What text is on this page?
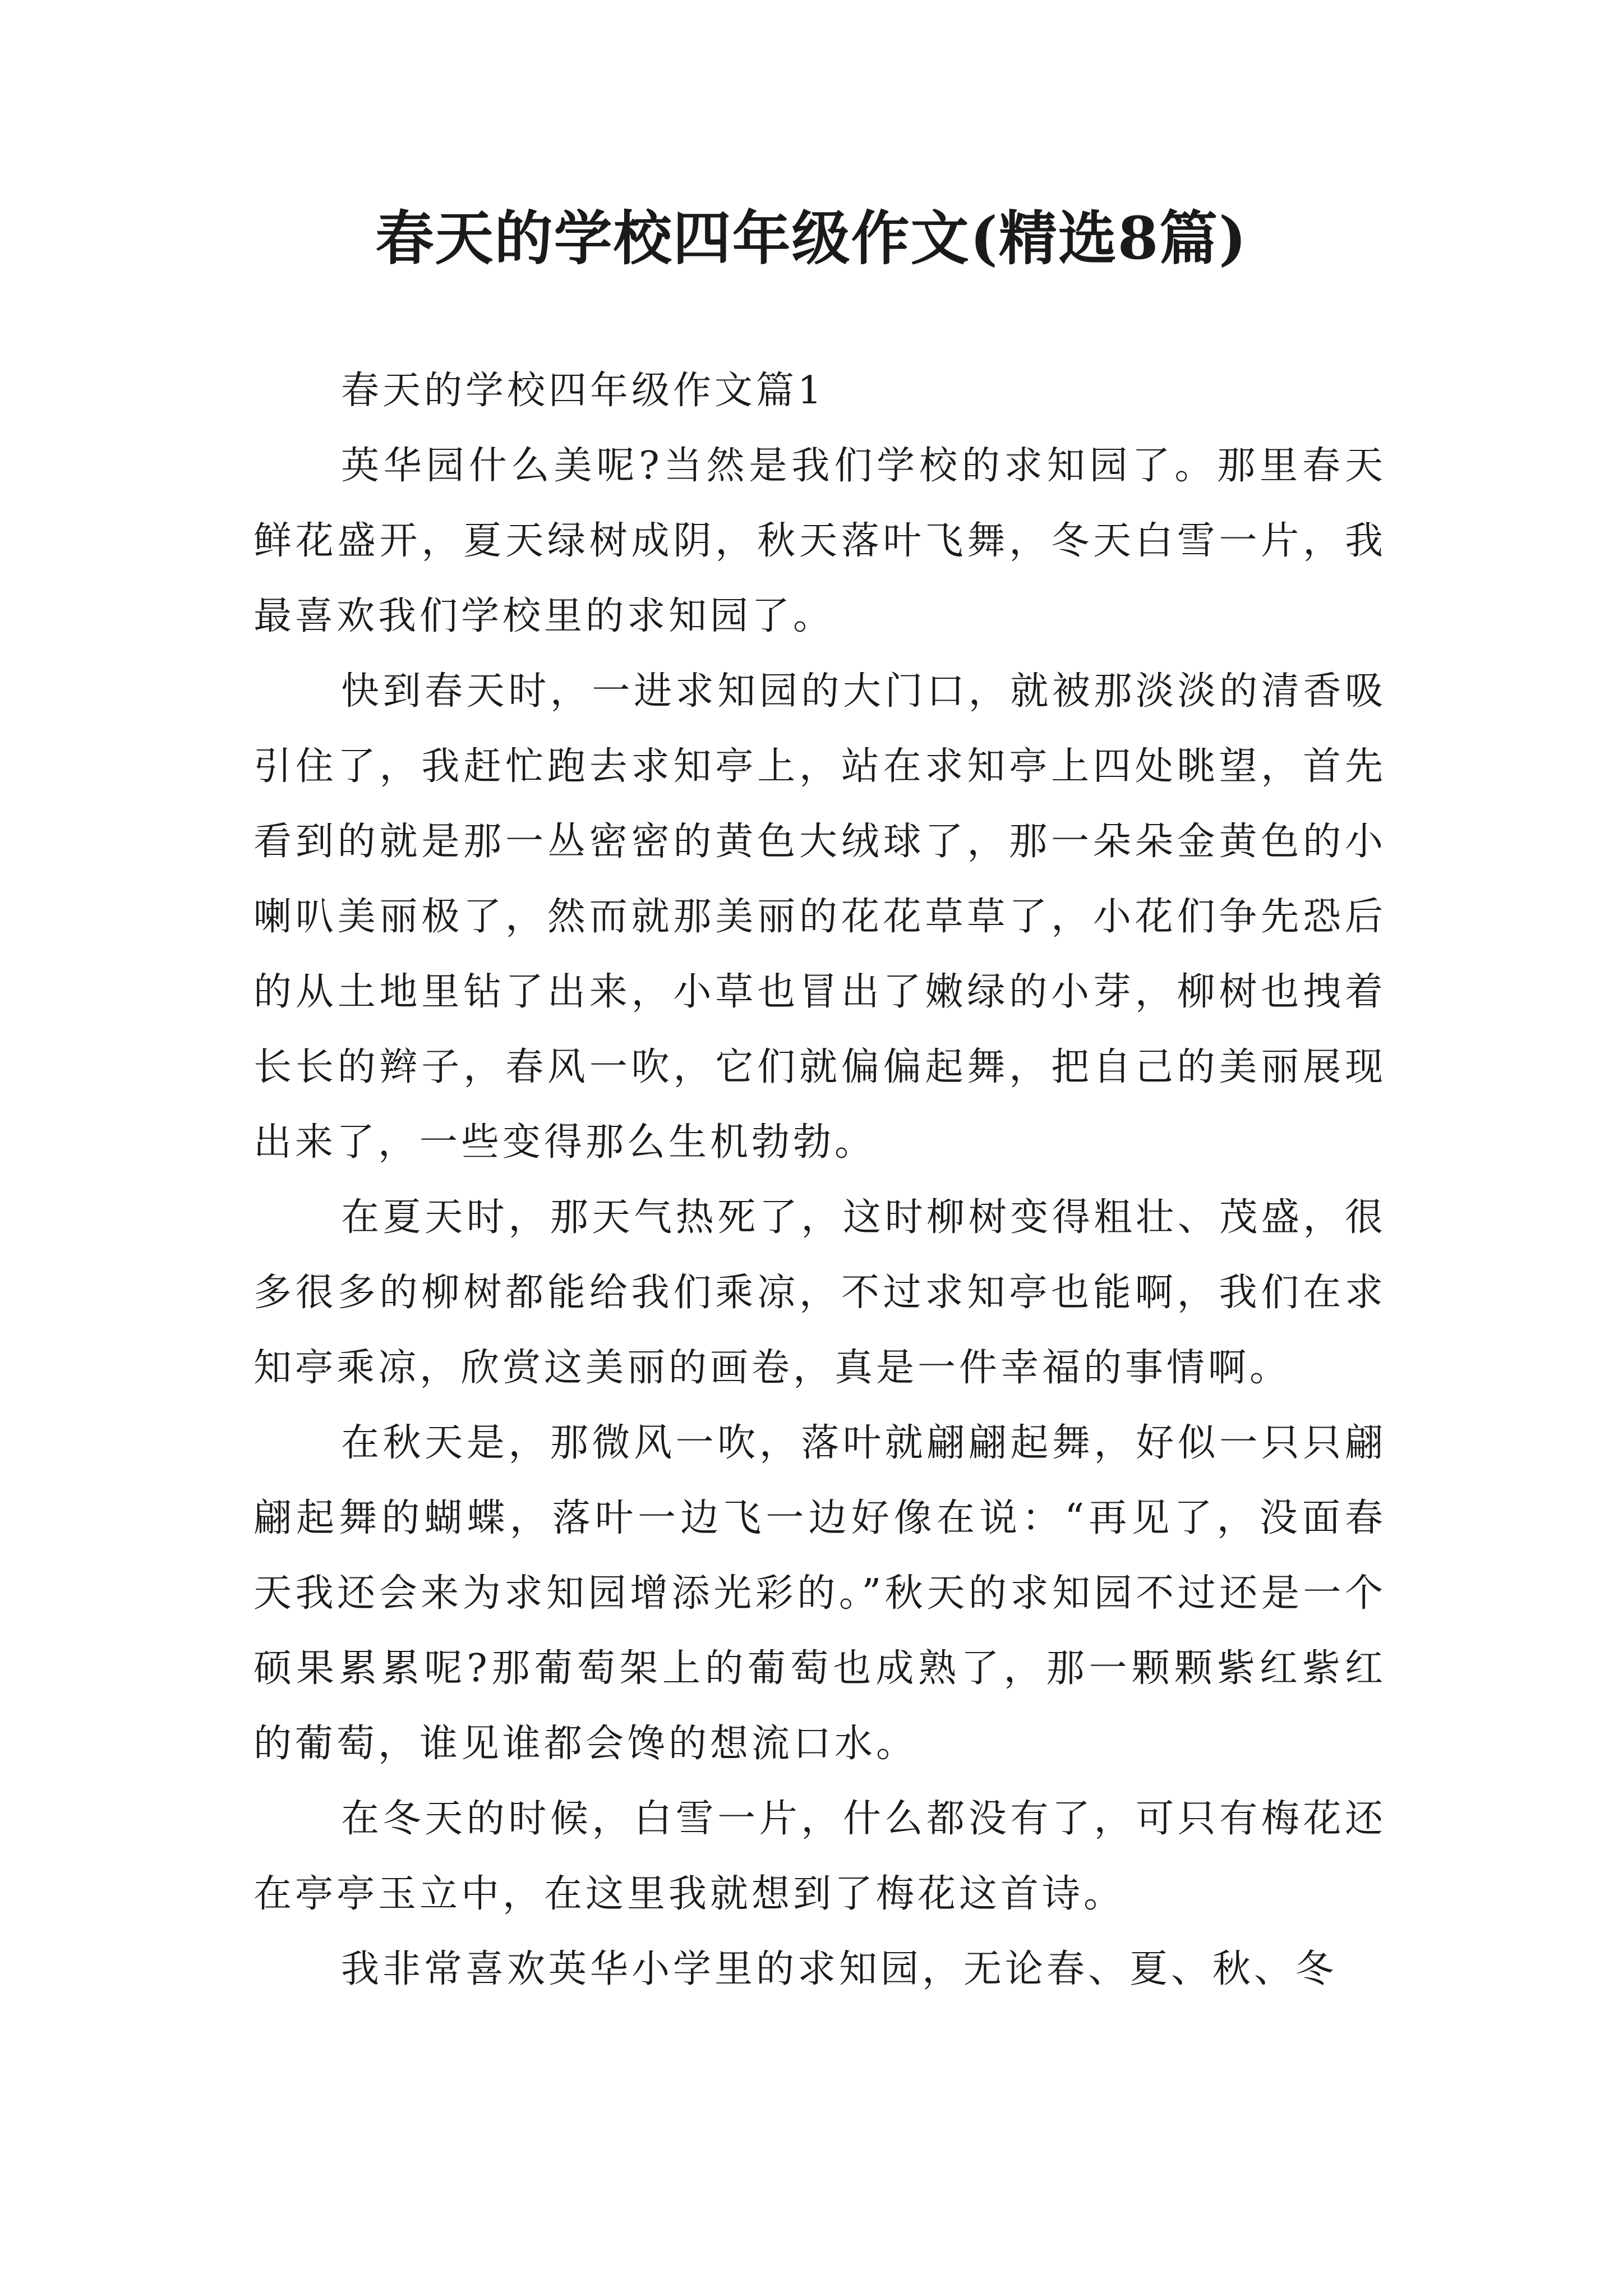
春天的学校四年级作文(精选8篇)

春天的学校四年级作文篇1

英华园什么美呢?当然是我们学校的求知园了。那里春天鲜花盛开，夏天绿树成阴，秋天落叶飞舞，冬天白雪一片，我最喜欢我们学校里的求知园了。

快到春天时，一进求知园的大门口，就被那淡淡的清香吸引住了，我赶忙跑去求知亭上，站在求知亭上四处眺望，首先看到的就是那一丛密密的黄色大绒球了，那一朵朵金黄色的小喇叭美丽极了，然而就那美丽的花花草草了，小花们争先恐后的从土地里钻了出来，小草也冒出了嫩绿的小芽，柳树也拽着长长的辫子，春风一吹，它们就偏偏起舞，把自己的美丽展现出来了，一些变得那么生机勃勃。

在夏天时，那天气热死了，这时柳树变得粗壮、茂盛，很多很多的柳树都能给我们乘凉，不过求知亭也能啊，我们在求知亭乘凉，欣赏这美丽的画卷，真是一件幸福的事情啊。

在秋天是，那微风一吹，落叶就翩翩起舞，好似一只只翩翩起舞的蝴蝶，落叶一边飞一边好像在说：“再见了，没面春天我还会来为求知园增添光彩的。”秋天的求知园不过还是一个硕果累累呢?那葡萄架上的葡萄也成熟了，那一颗颗紫红紫红的葡萄，谁见谁都会馋的想流口水。

在冬天的时候，白雪一片，什么都没有了，可只有梅花还在亭亭玉立中，在这里我就想到了梅花这首诗。

我非常喜欢英华小学里的求知园，无论春、夏、秋、冬
